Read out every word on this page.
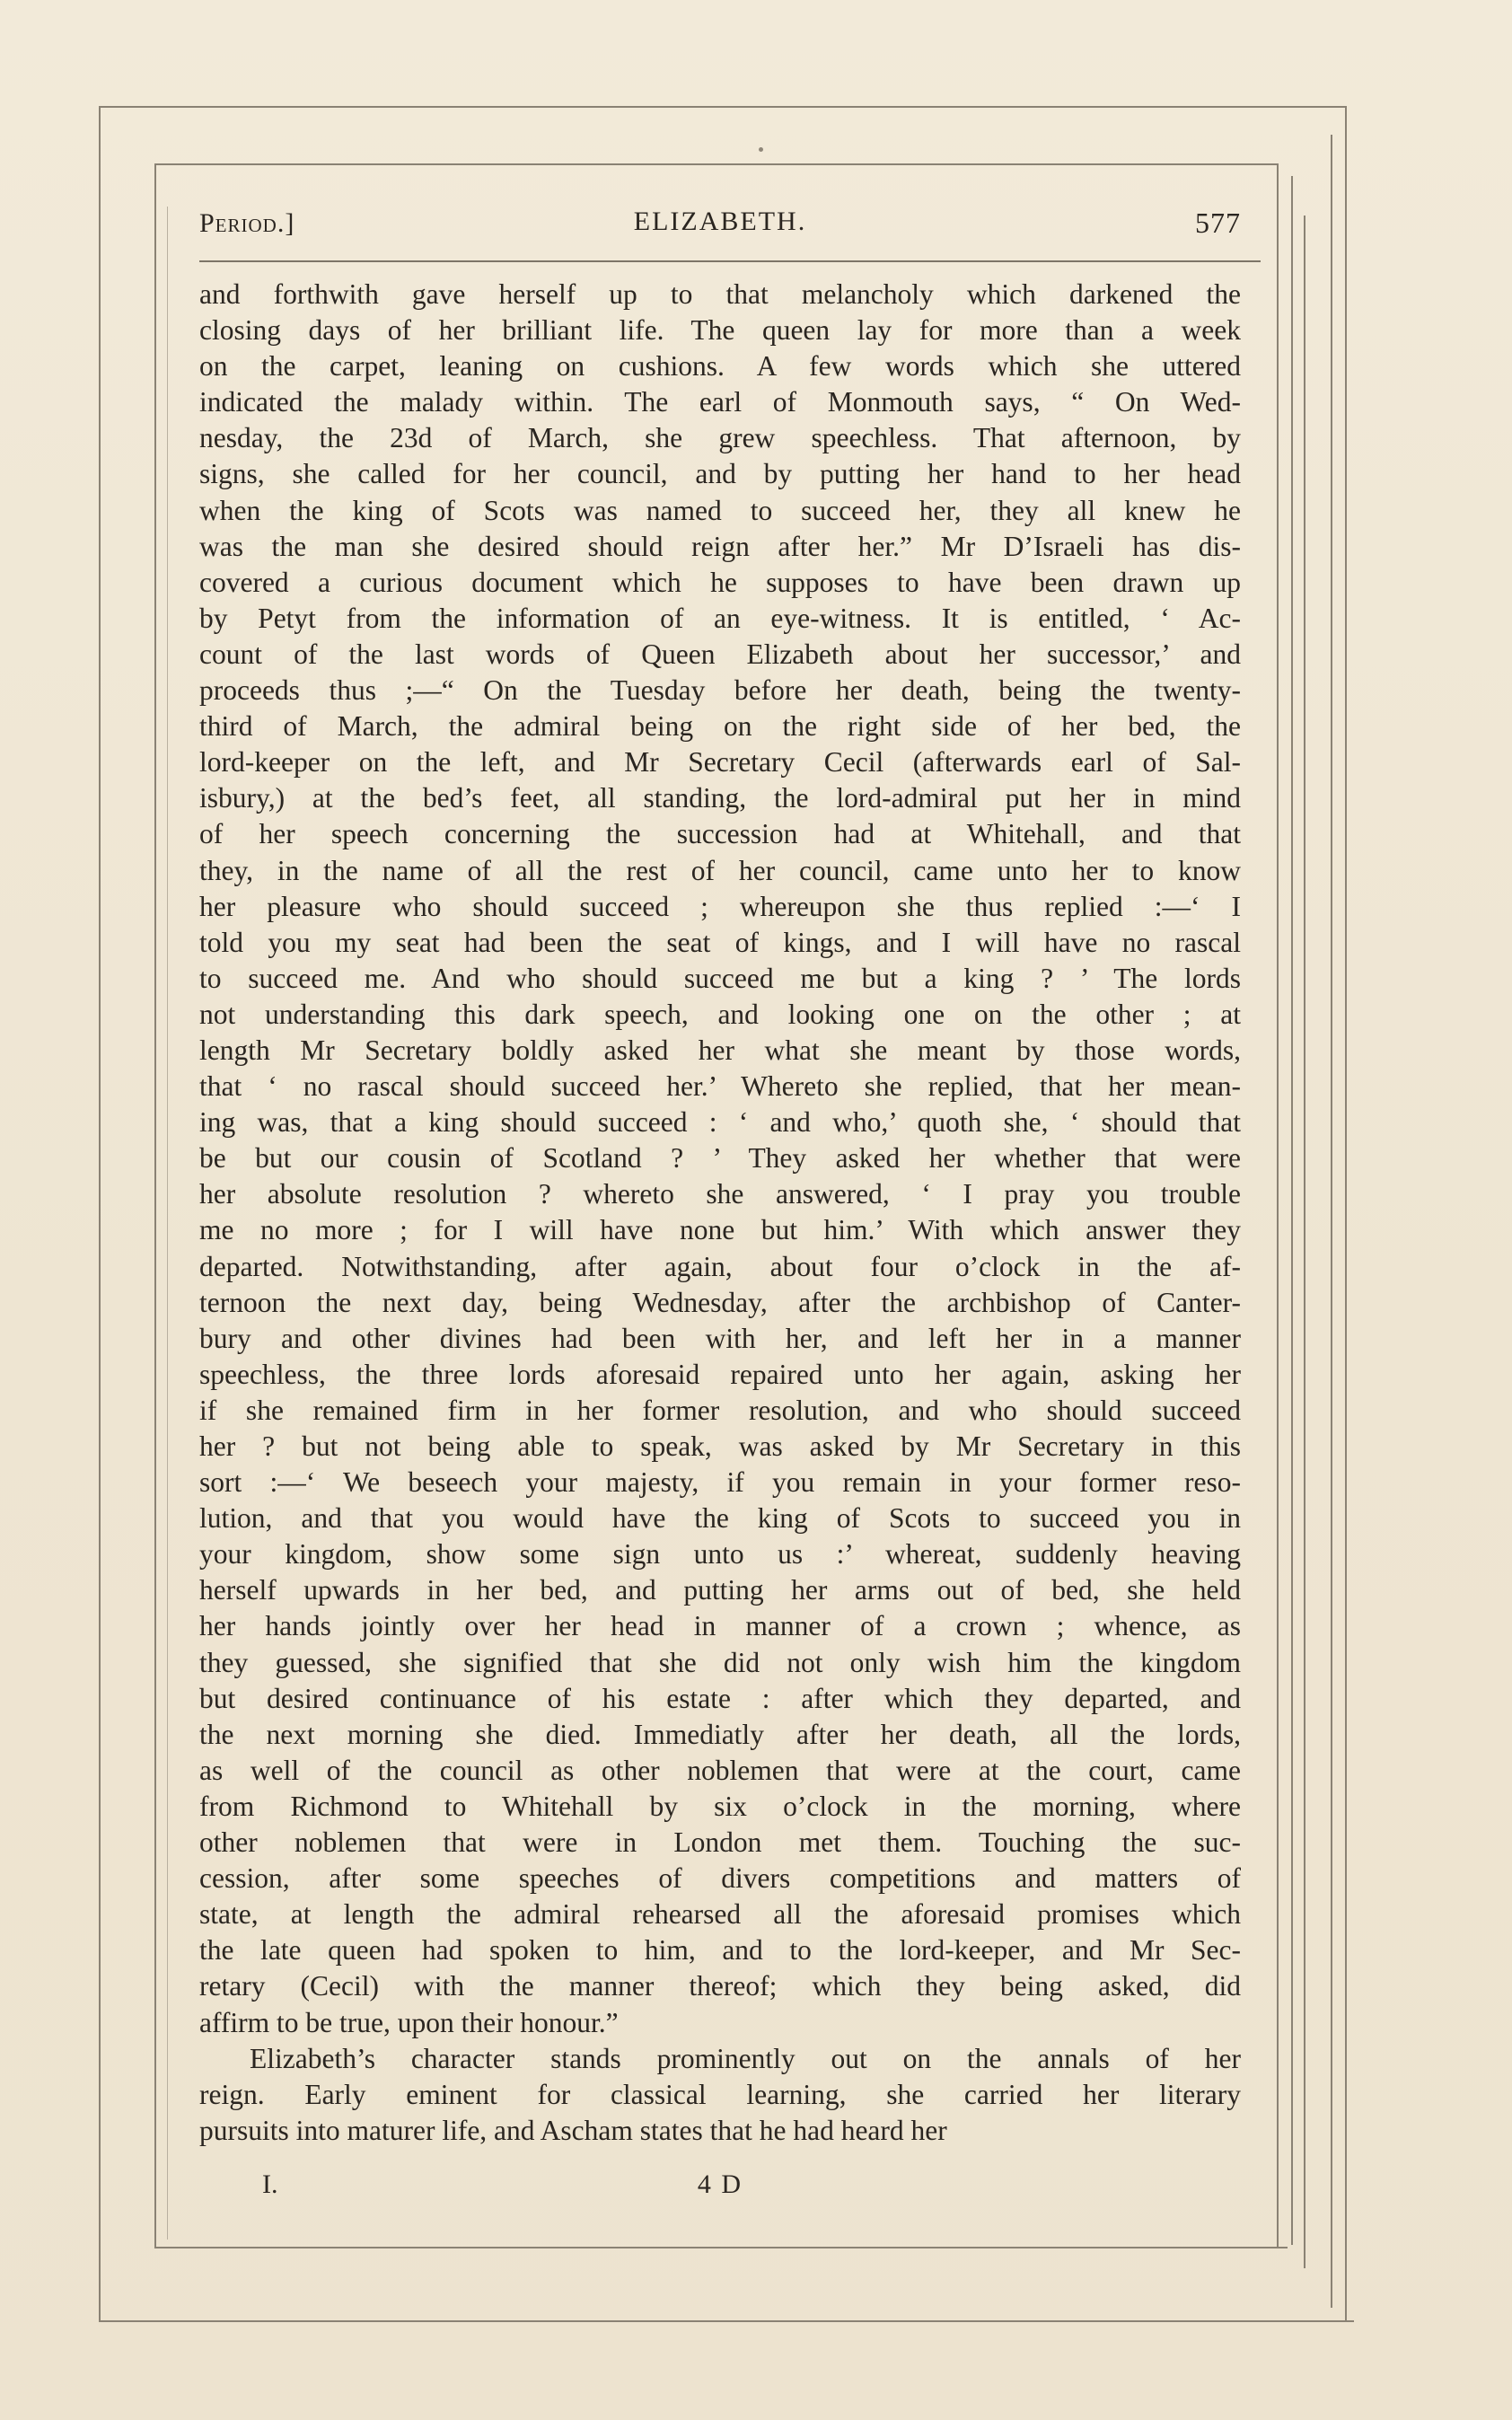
Period.]	ELIZABETH.	577
and forthwith gave herself up to that melancholy which darkened the
closing days of her brilliant life. The queen lay for more than a week
on the carpet, leaning on cushions. A few words which she uttered
indicated the malady within. The earl of Monmouth says, “ On Wed-
nesday, the 23d of March, she grew speechless. That afternoon, by
signs, she called for her council, and by putting her hand to her head
when the king of Scots was named to succeed her, they all knew he
was the man she desired should reign after her.” Mr D’Israeli has dis-
covered a curious document which he supposes to have been drawn up
by Petyt from the information of an eye-witness. It is entitled, ‘ Ac-
count of the last words of Queen Elizabeth about her successor,’ and
proceeds thus ;—“ On the Tuesday before her death, being the twenty-
third of March, the admiral being on the right side of her bed, the
lord-keeper on the left, and Mr Secretary Cecil (afterwards earl of Sal-
isbury,) at the bed’s feet, all standing, the lord-admiral put her in mind
of her speech concerning the succession had at Whitehall, and that
they, in the name of all the rest of her council, came unto her to know
her pleasure who should succeed ; whereupon she thus replied :—‘ I
told you my seat had been the seat of kings, and I will have no rascal
to succeed me. And who should succeed me but a king ? ’ The lords
not understanding this dark speech, and looking one on the other ; at
length Mr Secretary boldly asked her what she meant by those words,
that ‘ no rascal should succeed her.’ Whereto she replied, that her mean-
ing was, that a king should succeed : ‘ and who,’ quoth she, ‘ should that
be but our cousin of Scotland ? ’ They asked her whether that were
her absolute resolution ? whereto she answered, ‘ I pray you trouble
me no more ; for I will have none but him.’ With which answer they
departed. Notwithstanding, after again, about four o’clock in the af-
ternoon the next day, being Wednesday, after the archbishop of Canter-
bury and other divines had been with her, and left her in a manner
speechless, the three lords aforesaid repaired unto her again, asking her
if she remained firm in her former resolution, and who should succeed
her ? but not being able to speak, was asked by Mr Secretary in this
sort :—‘ We beseech your majesty, if you remain in your former reso-
lution, and that you would have the king of Scots to succeed you in
your kingdom, show some sign unto us :’ whereat, suddenly heaving
herself upwards in her bed, and putting her arms out of bed, she held
her hands jointly over her head in manner of a crown ; whence, as
they guessed, she signified that she did not only wish him the kingdom
but desired continuance of his estate : after which they departed, and
the next morning she died. Immediatly after her death, all the lords,
as well of the council as other noblemen that were at the court, came
from Richmond to Whitehall by six o’clock in the morning, where
other noblemen that were in London met them. Touching the suc-
cession, after some speeches of divers competitions and matters of
state, at length the admiral rehearsed all the aforesaid promises which
the late queen had spoken to him, and to the lord-keeper, and Mr Sec-
retary (Cecil) with the manner thereof; which they being asked, did
affirm to be true, upon their honour.”
Elizabeth’s character stands prominently out on the annals of her
reign. Early eminent for classical learning, she carried her literary
pursuits into maturer life, and Ascham states that he had heard her
I.	4 D
